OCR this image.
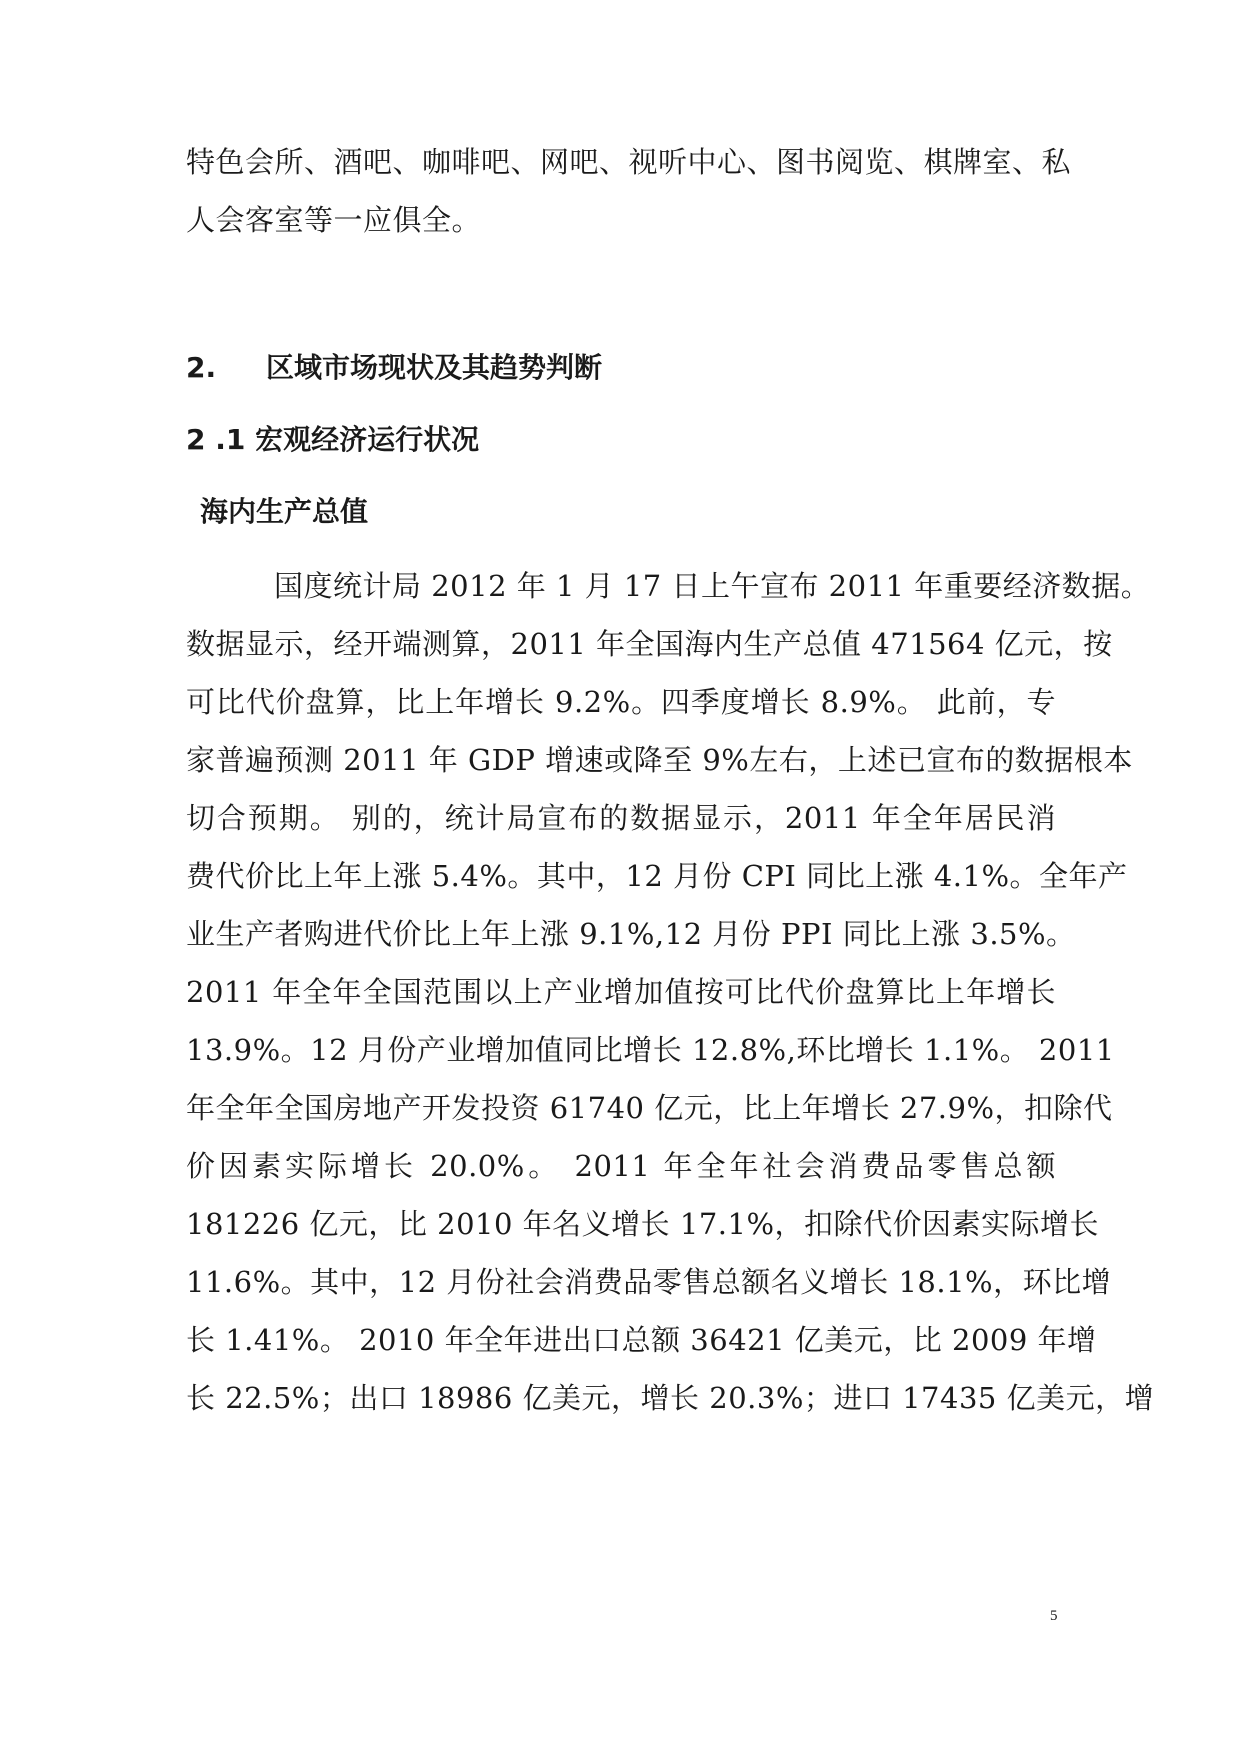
特色会所、酒吧、咖啡吧、网吧、视听中心、图书阅览、棋牌室、私
人会客室等一应俱全。
2. 区域市场现状及其趋势判断
2 .1 宏观经济运行状况
海内生产总值
国度统计局 2012 年 1 月 17 日上午宣布 2011 年重要经济数据。
数据显示，经开端测算，2011 年全国海内生产总值 471564 亿元，按
可比代价盘算，比上年增长 9.2%。四季度增长 8.9%。 此前，专
家普遍预测 2011 年 GDP 增速或降至 9%左右，上述已宣布的数据根本
切合预期。 别的，统计局宣布的数据显示，2011 年全年居民消
费代价比上年上涨 5.4%。其中，12 月份 CPI 同比上涨 4.1%。全年产
业生产者购进代价比上年上涨 9.1%,12 月份 PPI 同比上涨 3.5%。
2011 年全年全国范围以上产业增加值按可比代价盘算比上年增长
13.9%。12 月份产业增加值同比增长 12.8%,环比增长 1.1%。 2011
年全年全国房地产开发投资 61740 亿元，比上年增长 27.9%，扣除代
价因素实际增长 20.0%。 2011 年全年社会消费品零售总额
181226 亿元，比 2010 年名义增长 17.1%，扣除代价因素实际增长
11.6%。其中，12 月份社会消费品零售总额名义增长 18.1%，环比增
长 1.41%。 2010 年全年进出口总额 36421 亿美元，比 2009 年增
长 22.5%；出口 18986 亿美元，增长 20.3%；进口 17435 亿美元，增
5
